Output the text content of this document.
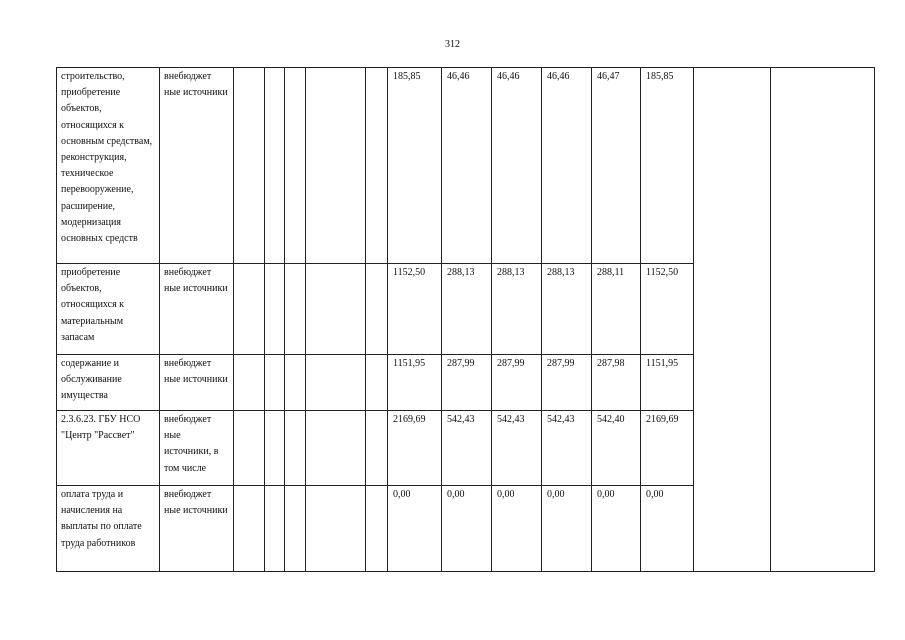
312
строительство, приобретение объектов, относящихся к основным средствам, реконструкция, техническое перевооружение, расширение, модернизация основных средств	внебюджет ные источники						185,85	46,46	46,46	46,46	46,47	185,85		
приобретение объектов, относящихся к материальным запасам	внебюджет ные источники						1152,50	288,13	288,13	288,13	288,11	1152,50		
содержание и обслуживание имущества	внебюджет ные источники						1151,95	287,99	287,99	287,99	287,98	1151,95		
2.3.6.23. ГБУ НСО "Центр "Рассвет"	внебюджет ные источники, в том числе						2169,69	542,43	542,43	542,43	542,40	2169,69		
оплата труда и начисления на выплаты по оплате труда работников	внебюджет ные источники						0,00	0,00	0,00	0,00	0,00	0,00		
